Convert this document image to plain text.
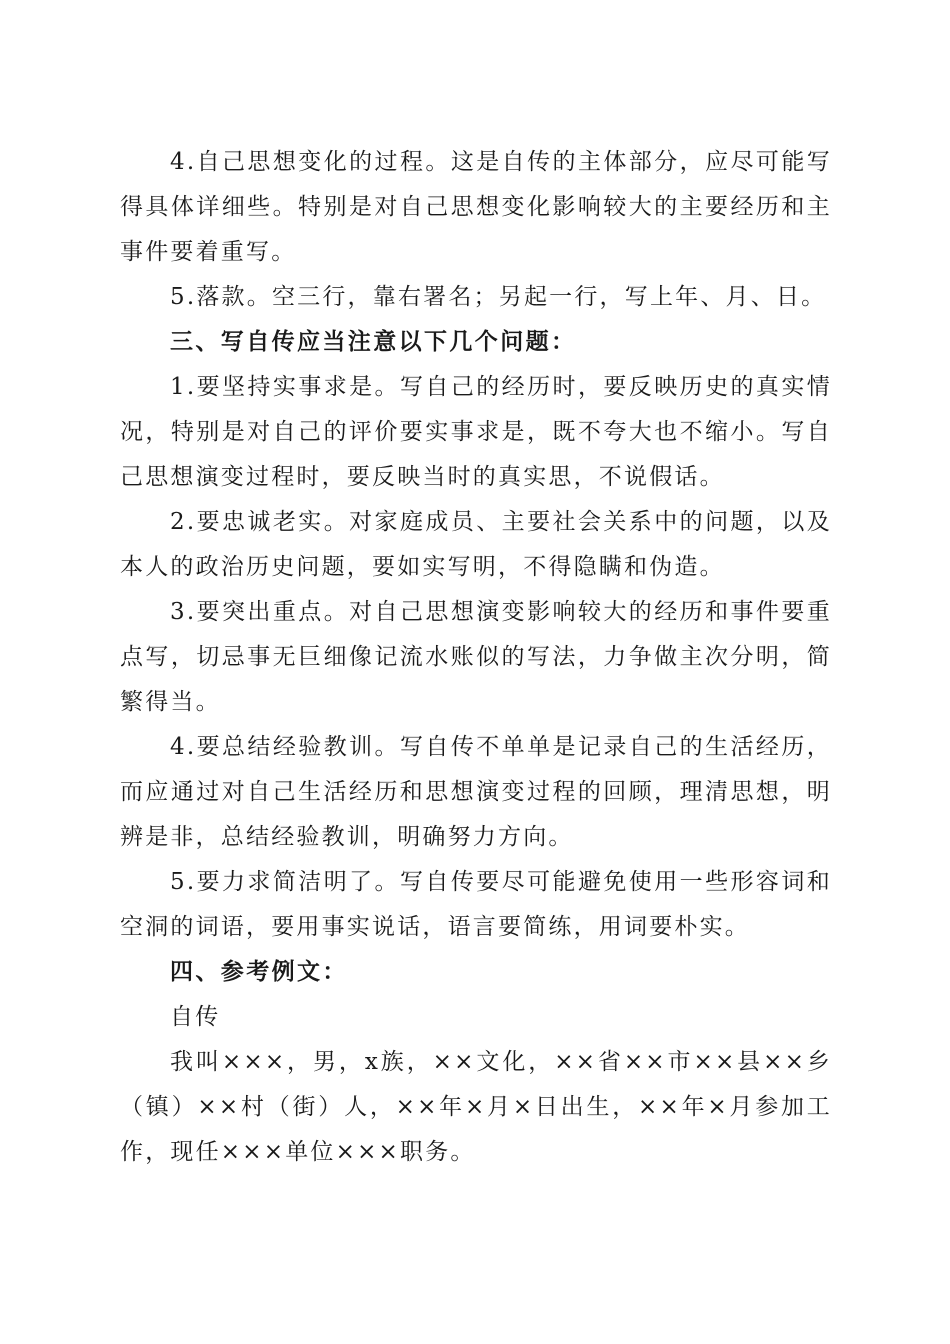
4.自己思想变化的过程。这是自传的主体部分，应尽可能写得具体详细些。特别是对自己思想变化影响较大的主要经历和主事件要着重写。

5.落款。空三行，靠右署名；另起一行，写上年、月、日。

三、写自传应当注意以下几个问题：

1.要坚持实事求是。写自己的经历时，要反映历史的真实情况，特别是对自己的评价要实事求是，既不夸大也不缩小。写自己思想演变过程时，要反映当时的真实思，不说假话。

2.要忠诚老实。对家庭成员、主要社会关系中的问题，以及本人的政治历史问题，要如实写明，不得隐瞒和伪造。

3.要突出重点。对自己思想演变影响较大的经历和事件要重点写，切忌事无巨细像记流水账似的写法，力争做主次分明，简繁得当。

4.要总结经验教训。写自传不单单是记录自己的生活经历，而应通过对自己生活经历和思想演变过程的回顾，理清思想，明辨是非，总结经验教训，明确努力方向。

5.要力求简洁明了。写自传要尽可能避免使用一些形容词和空洞的词语，要用事实说话，语言要简练，用词要朴实。

四、参考例文：

自传

我叫×××，男，x族，××文化，××省××市××县××乡（镇）××村（街）人，××年×月×日出生，××年×月参加工作，现任×××单位×××职务。
